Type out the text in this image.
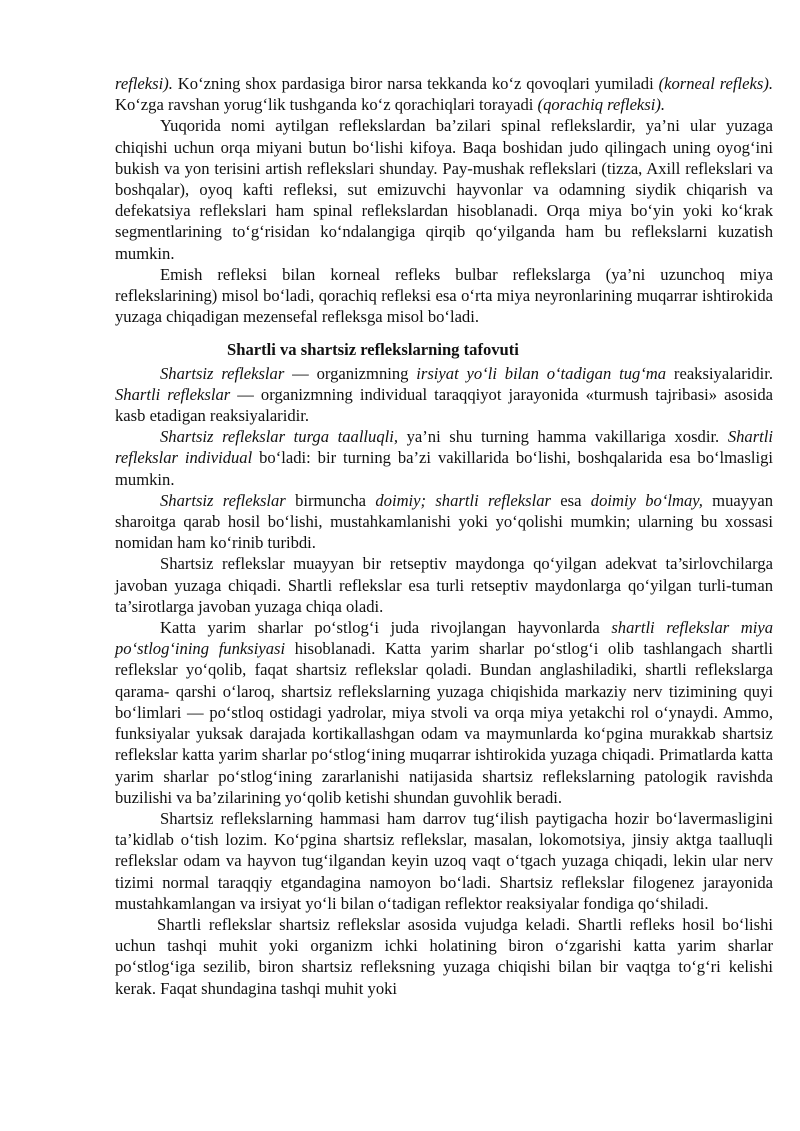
refleksi). Ko‘zning shox pardasiga biror narsa tekkanda ko‘z qovoqlari yumiladi (korneal refleks). Ko‘zga ravshan yorug‘lik tushganda ko‘z qorachiqlari torayadi (qorachiq refleksi).

Yuqorida nomi aytilgan reflekslardan ba’zilari spinal reflekslardir, ya’ni ular yuzaga chiqishi uchun orqa miyani butun bo‘lishi kifoya. Baqa boshidan judo qilingach uning oyog‘ini bukish va yon terisini artish reflekslari shunday. Pay-mushak reflekslari (tizza, Axill reflekslari va boshqalar), oyoq kafti refleksi, sut emizuvchi hayvonlar va odamning siydik chiqarish va defekatsiya reflekslari ham spinal reflekslardan hisoblanadi. Orqa miya bo‘yin yoki ko‘krak segmentlarining to‘g‘risidan ko‘ndalangiga qirqib qo‘yilganda ham bu reflekslarni kuzatish mumkin.

Emish refleksi bilan korneal refleks bulbar reflekslarga (ya’ni uzunchoq miya reflekslarining) misol bo‘ladi, qorachiq refleksi esa o‘rta miya neyronlarining muqarrar ishtirokida yuzaga chiqadigan mezensefal refleksga misol bo‘ladi.

Shartli va shartsiz reflekslarning tafovuti

Shartsiz reflekslar — organizmning irsiyat yo‘li bilan o‘tadigan tug‘ma reaksiyalaridir. Shartli reflekslar — organizmning individual taraqqiyot jarayonida «turmush tajribasi» asosida kasb etadigan reaksiyalaridir.

Shartsiz reflekslar turga taalluqli, ya’ni shu turning hamma vakillariga xosdir. Shartli reflekslar individual bo‘ladi: bir turning ba’zi vakillarida bo‘lishi, boshqalarida esa bo‘lmasligi mumkin.

Shartsiz reflekslar birmuncha doimiy; shartli reflekslar esa doimiy bo‘lmay, muayyan sharoitga qarab hosil bo‘lishi, mustahkamlanishi yoki yo‘qolishi mumkin; ularning bu xossasi nomidan ham ko‘rinib turibdi.

Shartsiz reflekslar muayyan bir retseptiv maydonga qo‘yilgan adekvat ta’sirlovchilarga javoban yuzaga chiqadi. Shartli reflekslar esa turli retseptiv maydonlarga qo‘yilgan turli-tuman ta’sirotlarga javoban yuzaga chiqa oladi.

Katta yarim sharlar po‘stlog‘i juda rivojlangan hayvonlarda shartli reflekslar miya po‘stlog‘ining funksiyasi hisoblanadi. Katta yarim sharlar po‘stlog‘i olib tashlangach shartli reflekslar yo‘qolib, faqat shartsiz reflekslar qoladi. Bundan anglashiladiki, shartli reflekslarga qarama- qarshi o‘laroq, shartsiz reflekslarning yuzaga chiqishida markaziy nerv tizimining quyi bo‘limlari — po‘stloq ostidagi yadrolar, miya stvoli va orqa miya yetakchi rol o‘ynaydi. Ammo, funksiyalar yuksak darajada kortikallashgan odam va maymunlarda ko‘pgina murakkab shartsiz reflekslar katta yarim sharlar po‘stlog‘ining muqarrar ishtirokida yuzaga chiqadi. Primatlarda katta yarim sharlar po‘stlog‘ining zararlanishi natijasida shartsiz reflekslarning patologik ravishda buzilishi va ba’zilarining yo‘qolib ketishi shundan guvohlik beradi.

Shartsiz reflekslarning hammasi ham darrov tug‘ilish paytigacha hozir bo‘lavermasligini ta’kidlab o‘tish lozim. Ko‘pgina shartsiz reflekslar, masalan, lokomotsiya, jinsiy aktga taalluqli reflekslar odam va hayvon tug‘ilgandan keyin uzoq vaqt o‘tgach yuzaga chiqadi, lekin ular nerv tizimi normal taraqqiy etgandagina namoyon bo‘ladi. Shartsiz reflekslar filogenez jarayonida mustahkamlangan va irsiyat yo‘li bilan o‘tadigan reflektor reaksiyalar fondiga qo‘shiladi.

Shartli reflekslar shartsiz reflekslar asosida vujudga keladi. Shartli refleks hosil bo‘lishi uchun tashqi muhit yoki organizm ichki holatining biron o‘zgarishi katta yarim sharlar po‘stlog‘iga sezilib, biron shartsiz refleksning yuzaga chiqishi bilan bir vaqtga to‘g‘ri kelishi kerak. Faqat shundagina tashqi muhit yoki
